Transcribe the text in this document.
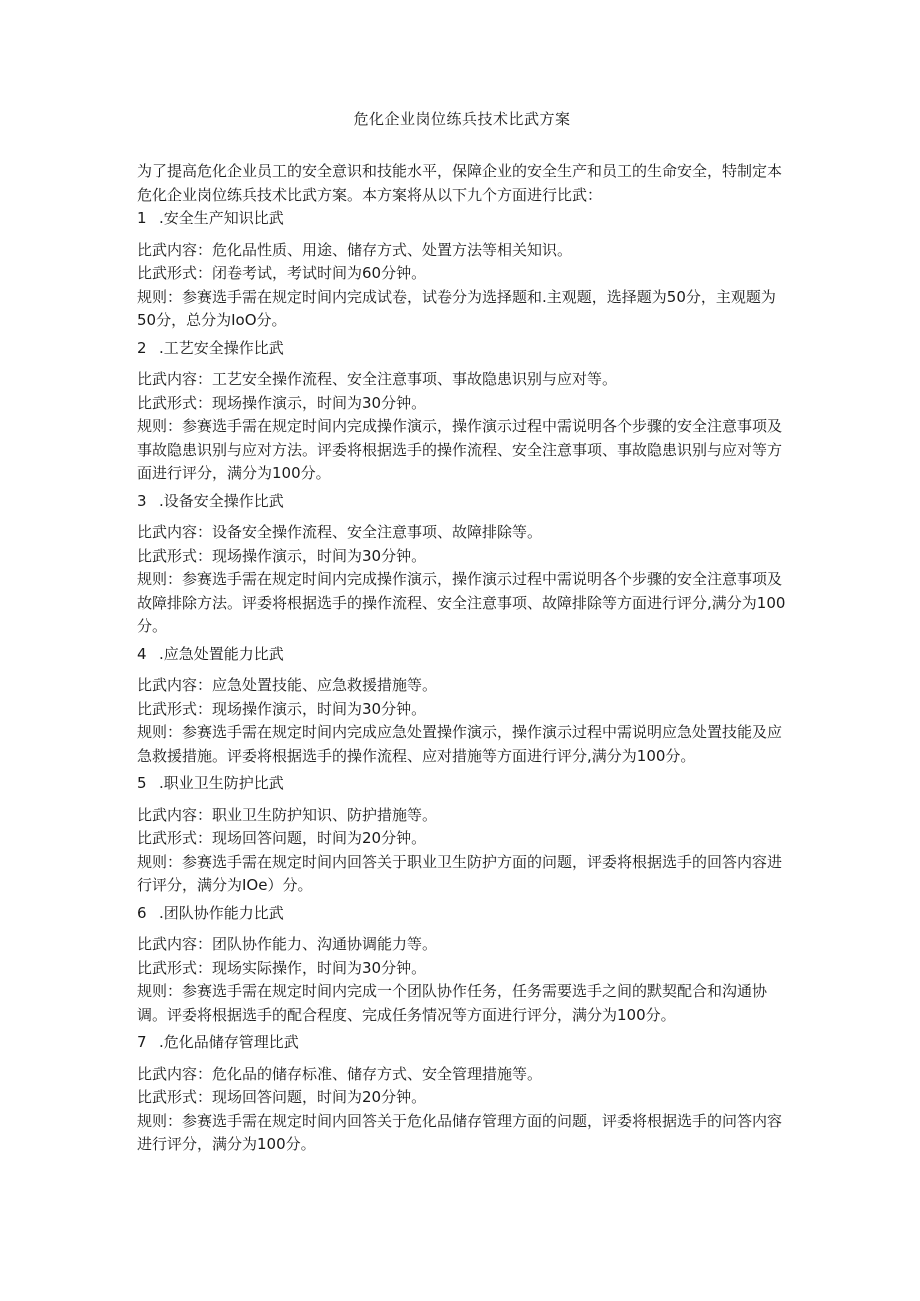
危化企业岗位练兵技术比武方案

为了提高危化企业员工的安全意识和技能水平，保障企业的安全生产和员工的生命安全，特制定本危化企业岗位练兵技术比武方案。本方案将从以下九个方面进行比武：

1 .安全生产知识比武

比武内容：危化品性质、用途、储存方式、处置方法等相关知识。

比武形式：闭卷考试，考试时间为60分钟。

规则：参赛选手需在规定时间内完成试卷，试卷分为选择题和.主观题，选择题为50分，主观题为50分，总分为IoO分。

2 .工艺安全操作比武

比武内容：工艺安全操作流程、安全注意事项、事故隐患识别与应对等。

比武形式：现场操作演示，时间为30分钟。

规则：参赛选手需在规定时间内完成操作演示，操作演示过程中需说明各个步骤的安全注意事项及事故隐患识别与应对方法。评委将根据选手的操作流程、安全注意事项、事故隐患识别与应对等方面进行评分，满分为100分。

3 .设备安全操作比武

比武内容：设备安全操作流程、安全注意事项、故障排除等。

比武形式：现场操作演示，时间为30分钟。

规则：参赛选手需在规定时间内完成操作演示，操作演示过程中需说明各个步骤的安全注意事项及故障排除方法。评委将根据选手的操作流程、安全注意事项、故障排除等方面进行评分,满分为100分。

4 .应急处置能力比武

比武内容：应急处置技能、应急救援措施等。

比武形式：现场操作演示，时间为30分钟。

规则：参赛选手需在规定时间内完成应急处置操作演示，操作演示过程中需说明应急处置技能及应急救援措施。评委将根据选手的操作流程、应对措施等方面进行评分,满分为100分。

5 .职业卫生防护比武

比武内容：职业卫生防护知识、防护措施等。

比武形式：现场回答问题，时间为20分钟。

规则：参赛选手需在规定时间内回答关于职业卫生防护方面的问题，评委将根据选手的回答内容进行评分，满分为IOe）分。

6 .团队协作能力比武

比武内容：团队协作能力、沟通协调能力等。

比武形式：现场实际操作，时间为30分钟。

规则：参赛选手需在规定时间内完成一个团队协作任务，任务需要选手之间的默契配合和沟通协调。评委将根据选手的配合程度、完成任务情况等方面进行评分，满分为100分。

7 .危化品储存管理比武

比武内容：危化品的储存标准、储存方式、安全管理措施等。

比武形式：现场回答问题，时间为20分钟。

规则：参赛选手需在规定时间内回答关于危化品储存管理方面的问题，评委将根据选手的问答内容进行评分，满分为100分。
